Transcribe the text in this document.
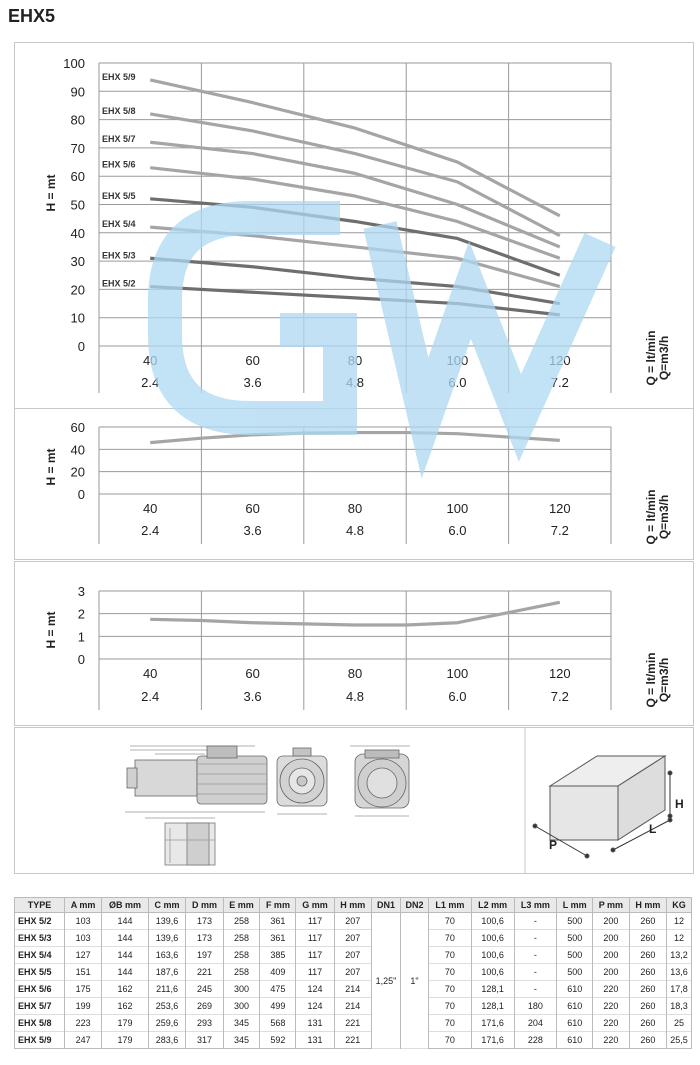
EHX5
0
10
20
30
40
50
60
70
80
90
100
40
2.4
60
3.6
80
4.8
100
6.0
120
7.2
H = mt
Q = lt/min Q=m3/h
EHX 5/9
EHX 5/8
EHX 5/7
EHX 5/6
EHX 5/5
EHX 5/4
EHX 5/3
EHX 5/2
0
20
40
60
40
2.4
60
3.6
80
4.8
100
6.0
120
7.2
H = mt
Q = lt/min Q=m3/h
0
1
2
3
40
2.4
60
3.6
80
4.8
100
6.0
120
7.2
H = mt
Q = lt/min Q=m3/h
H
L
P
TYPE	A mm	ØB mm	C mm	D mm	E mm	F mm	G mm	H mm	DN1	DN2	L1 mm	L2 mm	L3 mm	L mm	P mm	H mm	KG
EHX 5/2	103	144	139,6	173	258	361	117	207	1,25"	1"	70	100,6	-	500	200	260	12
EHX 5/3	103	144	139,6	173	258	361	117	207			70	100,6	-	500	200	260	12
EHX 5/4	127	144	163,6	197	258	385	117	207			70	100,6	-	500	200	260	13,2
EHX 5/5	151	144	187,6	221	258	409	117	207			70	100,6	-	500	200	260	13,6
EHX 5/6	175	162	211,6	245	300	475	124	214			70	128,1	-	610	220	260	17,8
EHX 5/7	199	162	253,6	269	300	499	124	214			70	128,1	180	610	220	260	18,3
EHX 5/8	223	179	259,6	293	345	568	131	221			70	171,6	204	610	220	260	25
EHX 5/9	247	179	283,6	317	345	592	131	221			70	171,6	228	610	220	260	25,5
